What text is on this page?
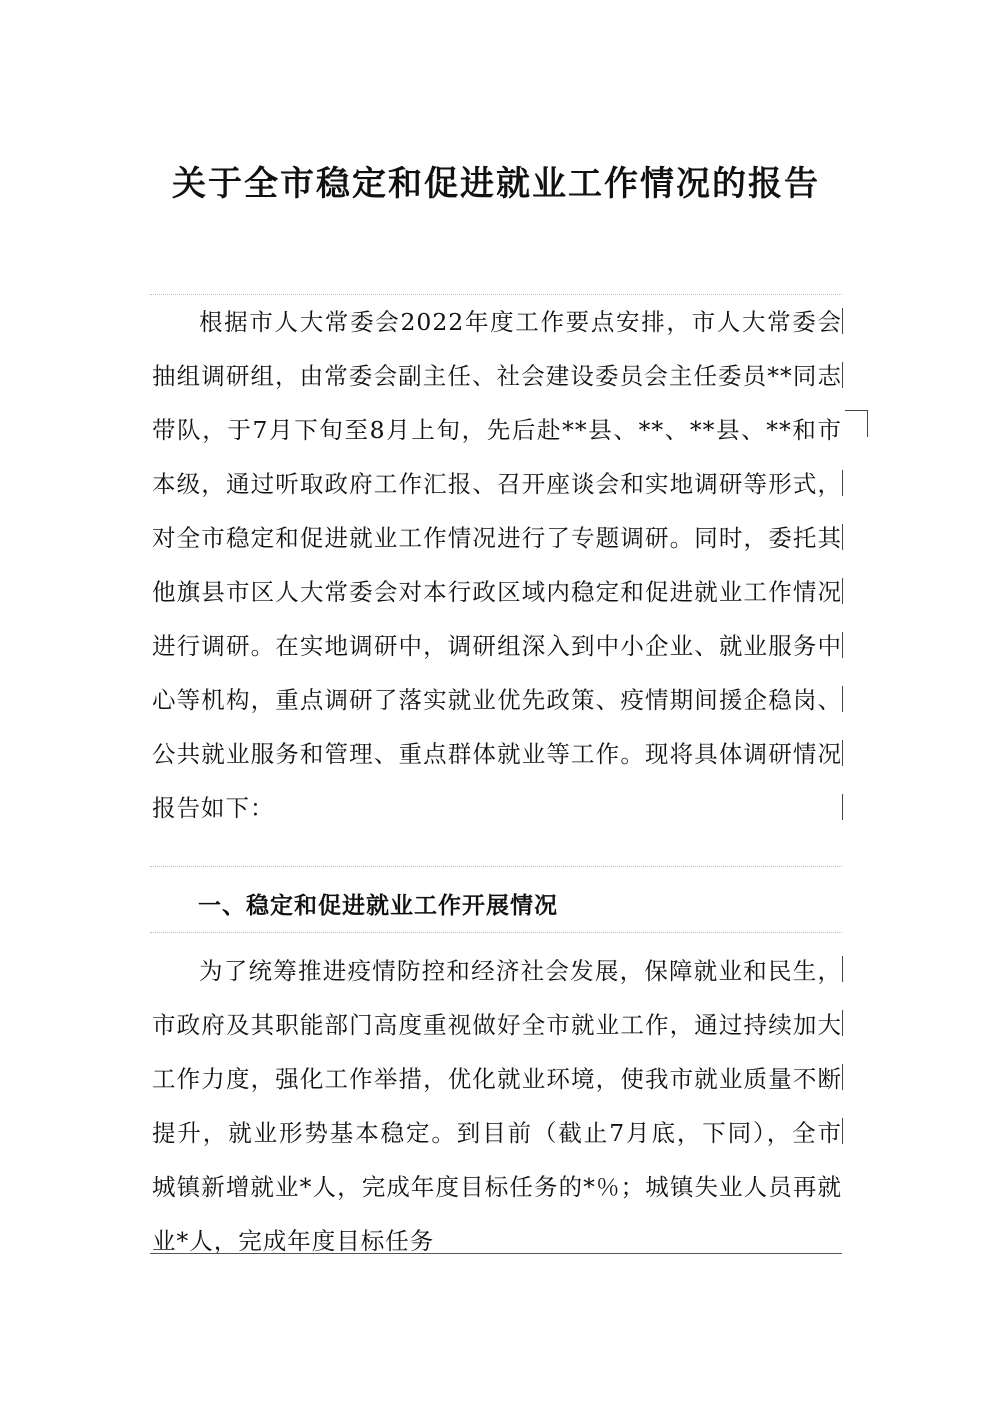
关于全市稳定和促进就业工作情况的报告

根据市人大常委会2022年度工作要点安排，市人大常委会抽组调研组，由常委会副主任、社会建设委员会主任委员**同志带队，于7月下旬至8月上旬，先后赴**县、**、**县、**和市本级，通过听取政府工作汇报、召开座谈会和实地调研等形式，对全市稳定和促进就业工作情况进行了专题调研。同时，委托其他旗县市区人大常委会对本行政区域内稳定和促进就业工作情况进行调研。在实地调研中，调研组深入到中小企业、就业服务中心等机构，重点调研了落实就业优先政策、疫情期间援企稳岗、公共就业服务和管理、重点群体就业等工作。现将具体调研情况报告如下：

一、稳定和促进就业工作开展情况

为了统筹推进疫情防控和经济社会发展，保障就业和民生，市政府及其职能部门高度重视做好全市就业工作，通过持续加大工作力度，强化工作举措，优化就业环境，使我市就业质量不断提升，就业形势基本稳定。到目前（截止7月底，下同），全市城镇新增就业*人，完成年度目标任务的*％；城镇失业人员再就业*人，完成年度目标任务
